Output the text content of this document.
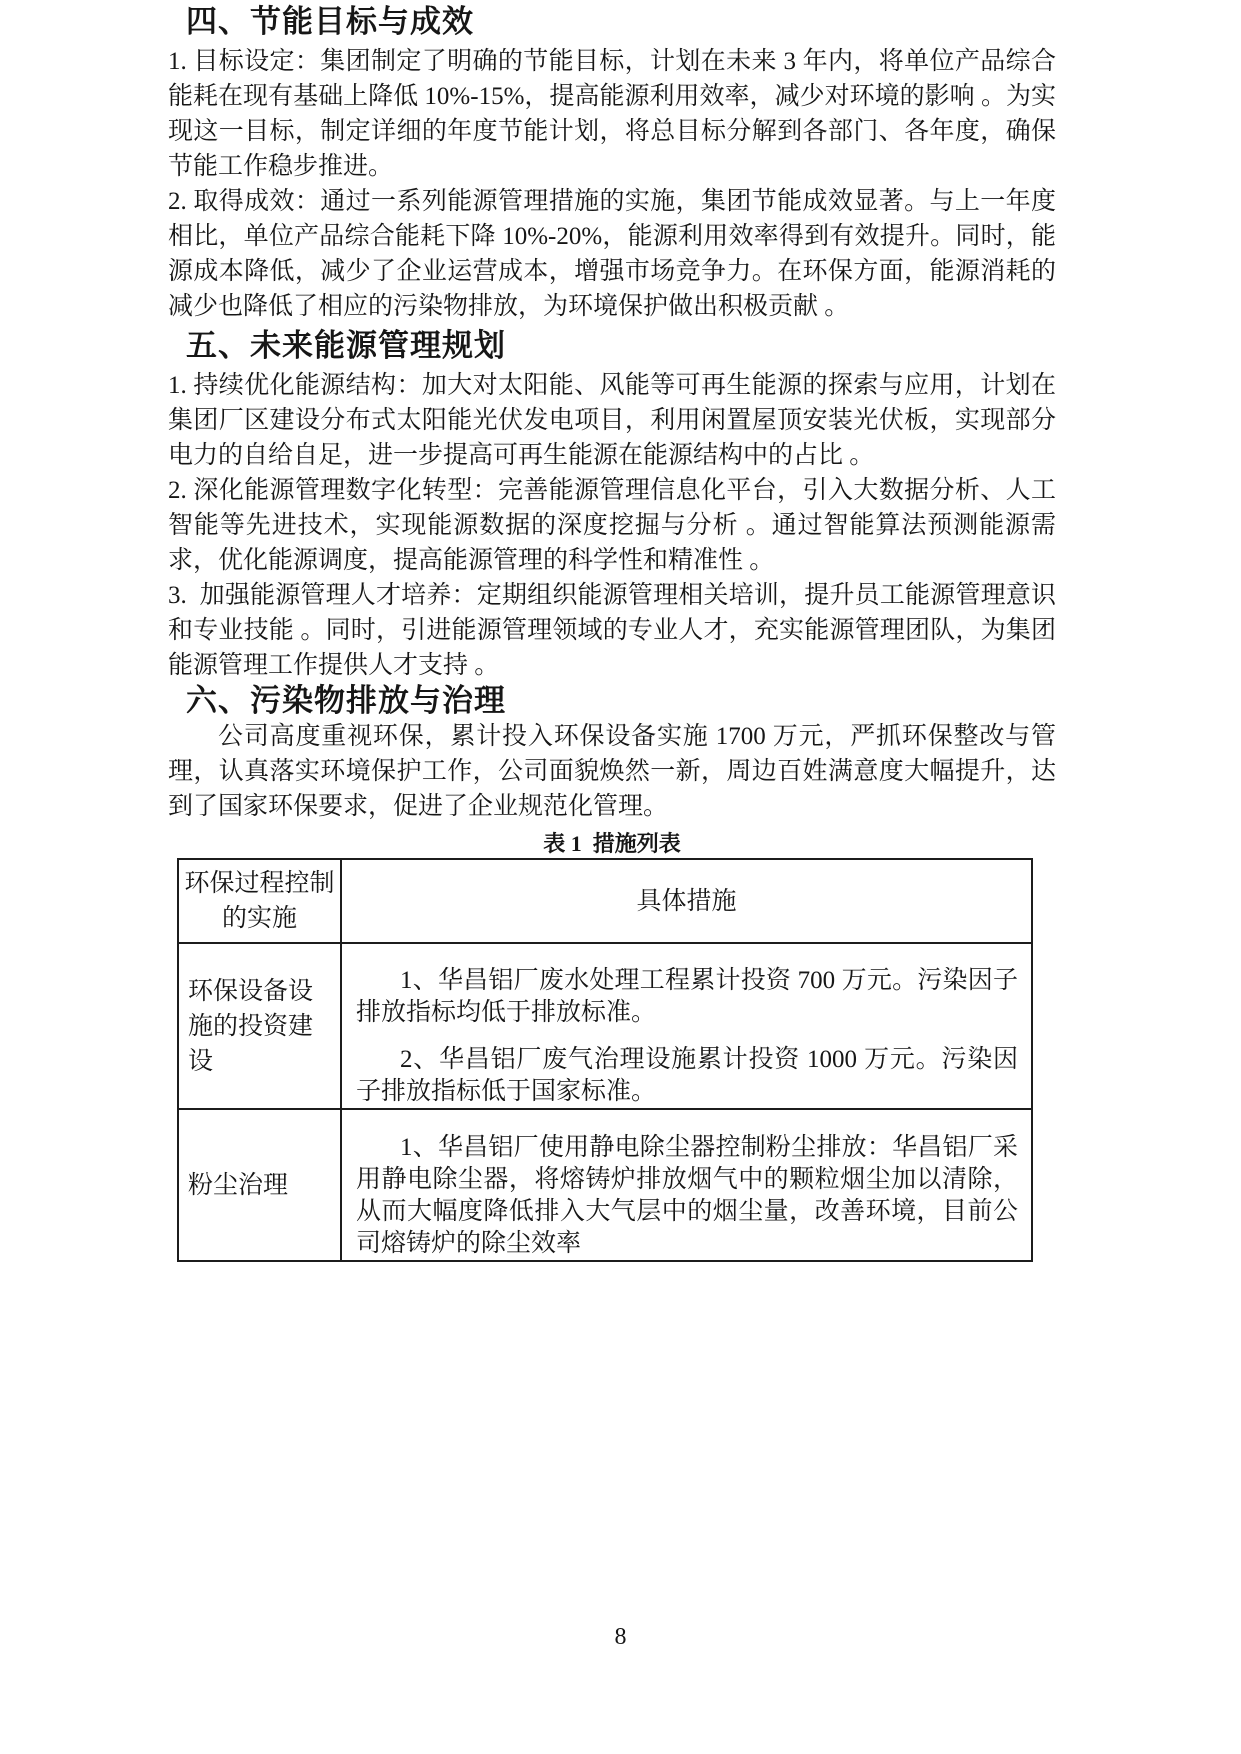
四、节能目标与成效

1. 目标设定：集团制定了明确的节能目标，计划在未来 3 年内，将单位产品综合能耗在现有基础上降低 10%-15%，提高能源利用效率，减少对环境的影响 。为实现这一目标，制定详细的年度节能计划，将总目标分解到各部门、各年度，确保节能工作稳步推进。

2. 取得成效：通过一系列能源管理措施的实施，集团节能成效显著。与上一年度相比，单位产品综合能耗下降 10%-20%，能源利用效率得到有效提升。同时，能源成本降低，减少了企业运营成本，增强市场竞争力。在环保方面，能源消耗的减少也降低了相应的污染物排放，为环境保护做出积极贡献 。

五、未来能源管理规划

1. 持续优化能源结构：加大对太阳能、风能等可再生能源的探索与应用，计划在集团厂区建设分布式太阳能光伏发电项目，利用闲置屋顶安装光伏板，实现部分电力的自给自足，进一步提高可再生能源在能源结构中的占比 。

2. 深化能源管理数字化转型：完善能源管理信息化平台，引入大数据分析、人工智能等先进技术，实现能源数据的深度挖掘与分析 。通过智能算法预测能源需求，优化能源调度，提高能源管理的科学性和精准性 。

3.  加强能源管理人才培养：定期组织能源管理相关培训，提升员工能源管理意识和专业技能 。同时，引进能源管理领域的专业人才，充实能源管理团队，为集团能源管理工作提供人才支持 。

六、污染物排放与治理

公司高度重视环保，累计投入环保设备实施 1700 万元，严抓环保整改与管理，认真落实环境保护工作，公司面貌焕然一新，周边百姓满意度大幅提升，达到了国家环保要求，促进了企业规范化管理。

表 1  措施列表
环保过程控制的实施	具体措施
环保设备设施的投资建设	1、华昌铝厂废水处理工程累计投资 700 万元。污染因子排放指标均低于排放标准。

2、华昌铝厂废气治理设施累计投资 1000 万元。污染因子排放指标低于国家标准。

粉尘治理	1、华昌铝厂使用静电除尘器控制粉尘排放：华昌铝厂采用静电除尘器，将熔铸炉排放烟气中的颗粒烟尘加以清除，从而大幅度降低排入大气层中的烟尘量，改善环境，目前公司熔铸炉的除尘效率

8
